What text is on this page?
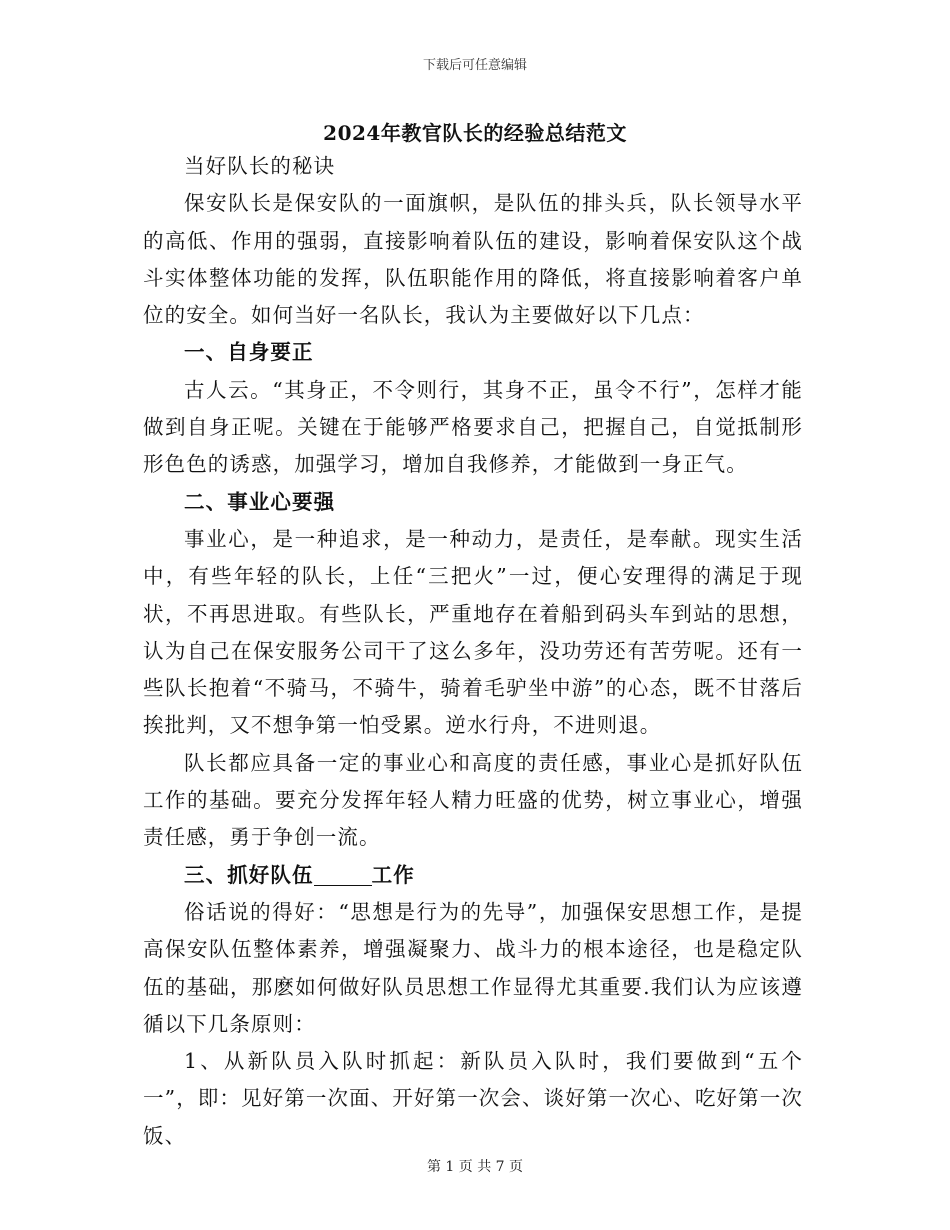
下载后可任意编辑
2024年教官队长的经验总结范文

当好队长的秘诀

保安队长是保安队的一面旗帜，是队伍的排头兵，队长领导水平的高低、作用的强弱，直接影响着队伍的建设，影响着保安队这个战斗实体整体功能的发挥，队伍职能作用的降低，将直接影响着客户单位的安全。如何当好一名队长，我认为主要做好以下几点：

一、自身要正

古人云。“其身正，不令则行，其身不正，虽令不行”，怎样才能做到自身正呢。关键在于能够严格要求自己，把握自己，自觉抵制形形色色的诱惑，加强学习，增加自我修养，才能做到一身正气。

二、事业心要强

事业心，是一种追求，是一种动力，是责任，是奉献。现实生活中，有些年轻的队长，上任“三把火”一过，便心安理得的满足于现状，不再思进取。有些队长，严重地存在着船到码头车到站的思想，认为自己在保安服务公司干了这么多年，没功劳还有苦劳呢。还有一些队长抱着“不骑马，不骑牛，骑着毛驴坐中游”的心态，既不甘落后挨批判，又不想争第一怕受累。逆水行舟，不进则退。

队长都应具备一定的事业心和高度的责任感，事业心是抓好队伍工作的基础。要充分发挥年轻人精力旺盛的优势，树立事业心，增强责任感，勇于争创一流。

三、抓好队伍	工作

俗话说的得好：“思想是行为的先导”，加强保安思想工作，是提高保安队伍整体素养，增强凝聚力、战斗力的根本途径，也是稳定队伍的基础，那麽如何做好队员思想工作显得尤其重要.我们认为应该遵循以下几条原则：

1、从新队员入队时抓起：新队员入队时，我们要做到“五个一”，即：见好第一次面、开好第一次会、谈好第一次心、吃好第一次饭、

第 1 页 共 7 页
